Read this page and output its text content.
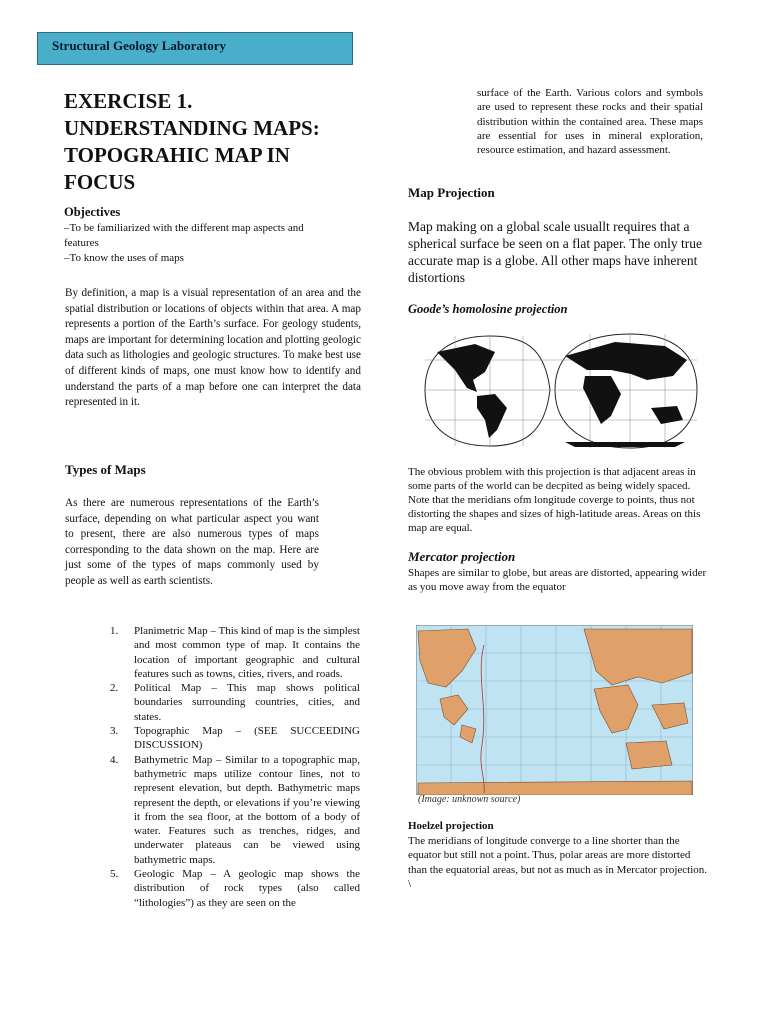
Structural Geology Laboratory
EXERCISE 1.
UNDERSTANDING MAPS:
TOPOGRAHIC MAP IN
FOCUS
Objectives
–To be familiarized with the different map aspects and
features
–To know the uses of maps
By definition, a map is a visual representation of an area and the spatial distribution or locations of objects within that area. A map represents a portion of the Earth’s surface. For geology students, maps are important for determining location and plotting geologic data such as lithologies and geologic structures. To make best use of different kinds of maps, one must know how to identify and understand the parts of a map before one can interpret the data represented in it.
Types of Maps
As there are numerous representations of the Earth’s surface, depending on what particular aspect you want to present, there are also numerous types of maps corresponding to the data shown on the map. Here are just some of the types of maps commonly used by people as well as earth scientists.
1. Planimetric Map – This kind of map is the simplest and most common type of map. It contains the location of important geographic and cultural features such as towns, cities, rivers, and roads.
2. Political Map – This map shows political boundaries surrounding countries, cities, and states.
3. Topographic Map – (SEE SUCCEEDING DISCUSSION)
4. Bathymetric Map – Similar to a topographic map, bathymetric maps utilize contour lines, not to represent elevation, but depth. Bathymetric maps represent the depth, or elevations if you’re viewing it from the sea floor, at the bottom of a body of water. Features such as trenches, ridges, and underwater plateaus can be viewed using bathymetric maps.
5. Geologic Map – A geologic map shows the distribution of rock types (also called “lithologies”) as they are seen on the
surface of the Earth. Various colors and symbols are used to represent these rocks and their spatial distribution within the contained area. These maps are essential for uses in mineral exploration, resource estimation, and hazard assessment.
Map Projection
Map making on a global scale usuallt requires that a spherical surface be seen on a flat paper. The only true accurate map is a globe. All other maps have inherent distortions
Goode’s homolosine projection
The obvious problem with this projection is that adjacent areas in some parts of the world can be decpited as being widely spaced. Note that the meridians ofm longitude coverge to points, thus not distorting the shapes and sizes of high-latitude areas. Areas on this map are equal.
Mercator projection
Shapes are similar to globe, but areas are distorted, appearing wider as you move away from the equator
(Image: unknown source)
Hoelzel projection
The meridians of longitude converge to a line shorter than the equator but still not a point. Thus, polar areas are more distorted than the equatorial areas, but not as much as in Mercator projection. \
